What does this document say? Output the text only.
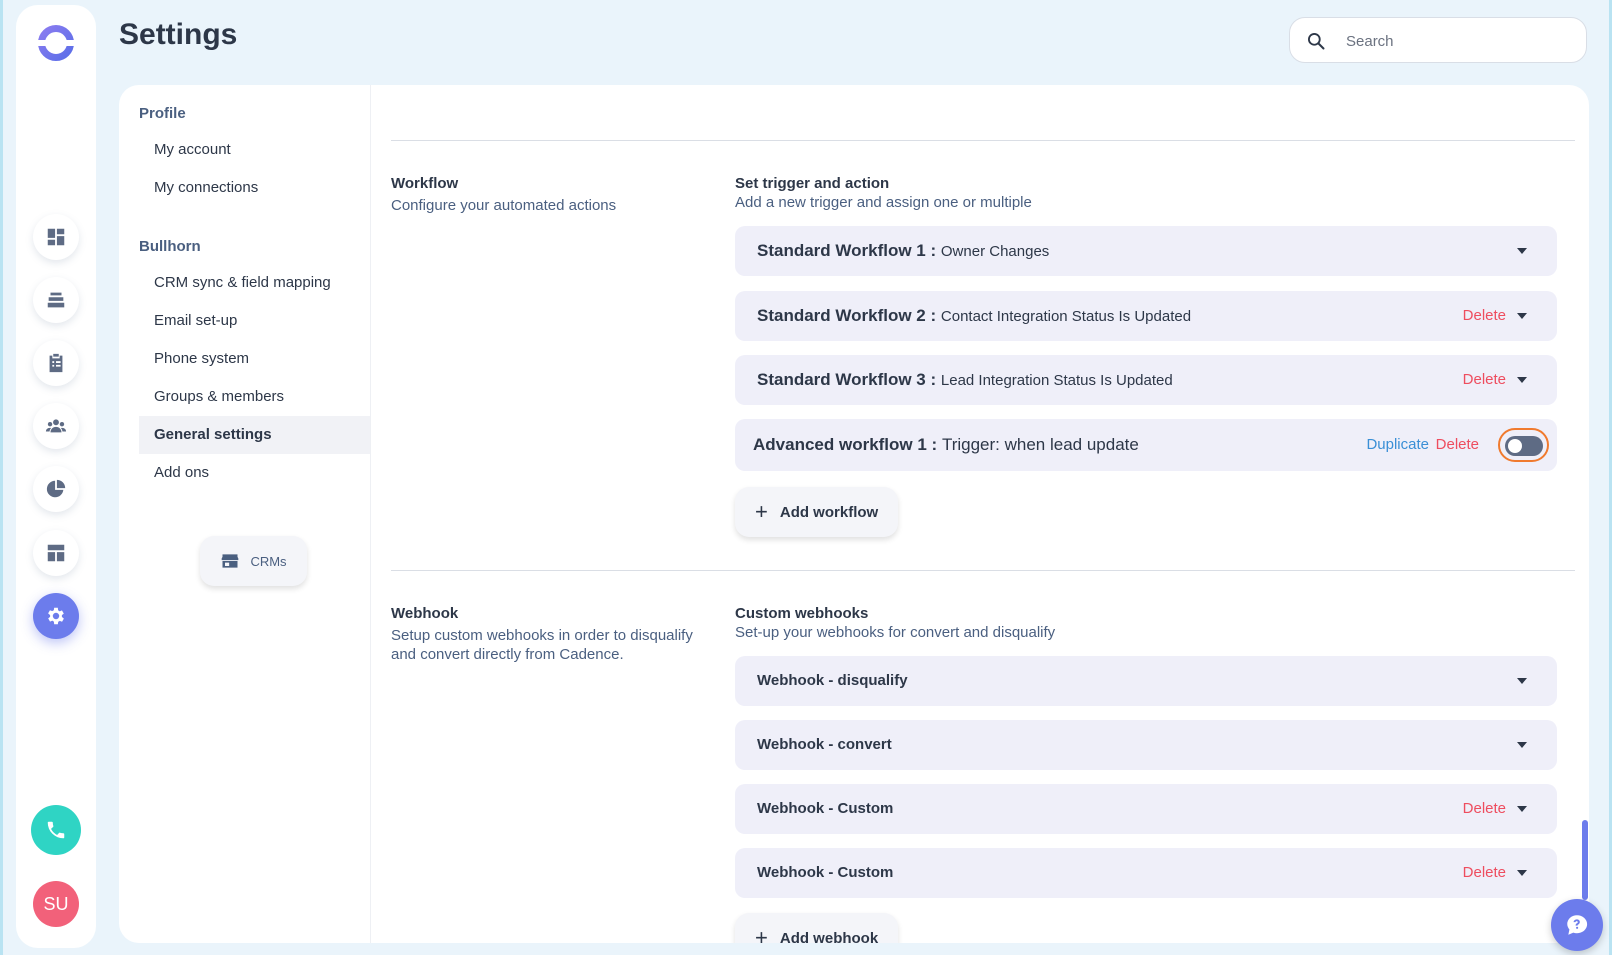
SU
Settings
Search
Profile
My account
My connections
Bullhorn
CRM sync & field mapping
Email set-up
Phone system
Groups & members
General settings
Add ons
CRMs
Workflow
Configure your automated actions
Set trigger and action
Add a new trigger and assign one or multiple
Standard Workflow 1 : Owner Changes
Standard Workflow 2 : Contact Integration Status Is Updated	Delete
Standard Workflow 3 : Lead Integration Status Is Updated	Delete
Advanced workflow 1 : Trigger: when lead update	Duplicate Delete
+ Add workflow
Webhook
Setup custom webhooks in order to disqualify and convert directly from Cadence.
Custom webhooks
Set-up your webhooks for convert and disqualify
Webhook - disqualify
Webhook - convert
Webhook - Custom	Delete
Webhook - Custom	Delete
+ Add webhook
